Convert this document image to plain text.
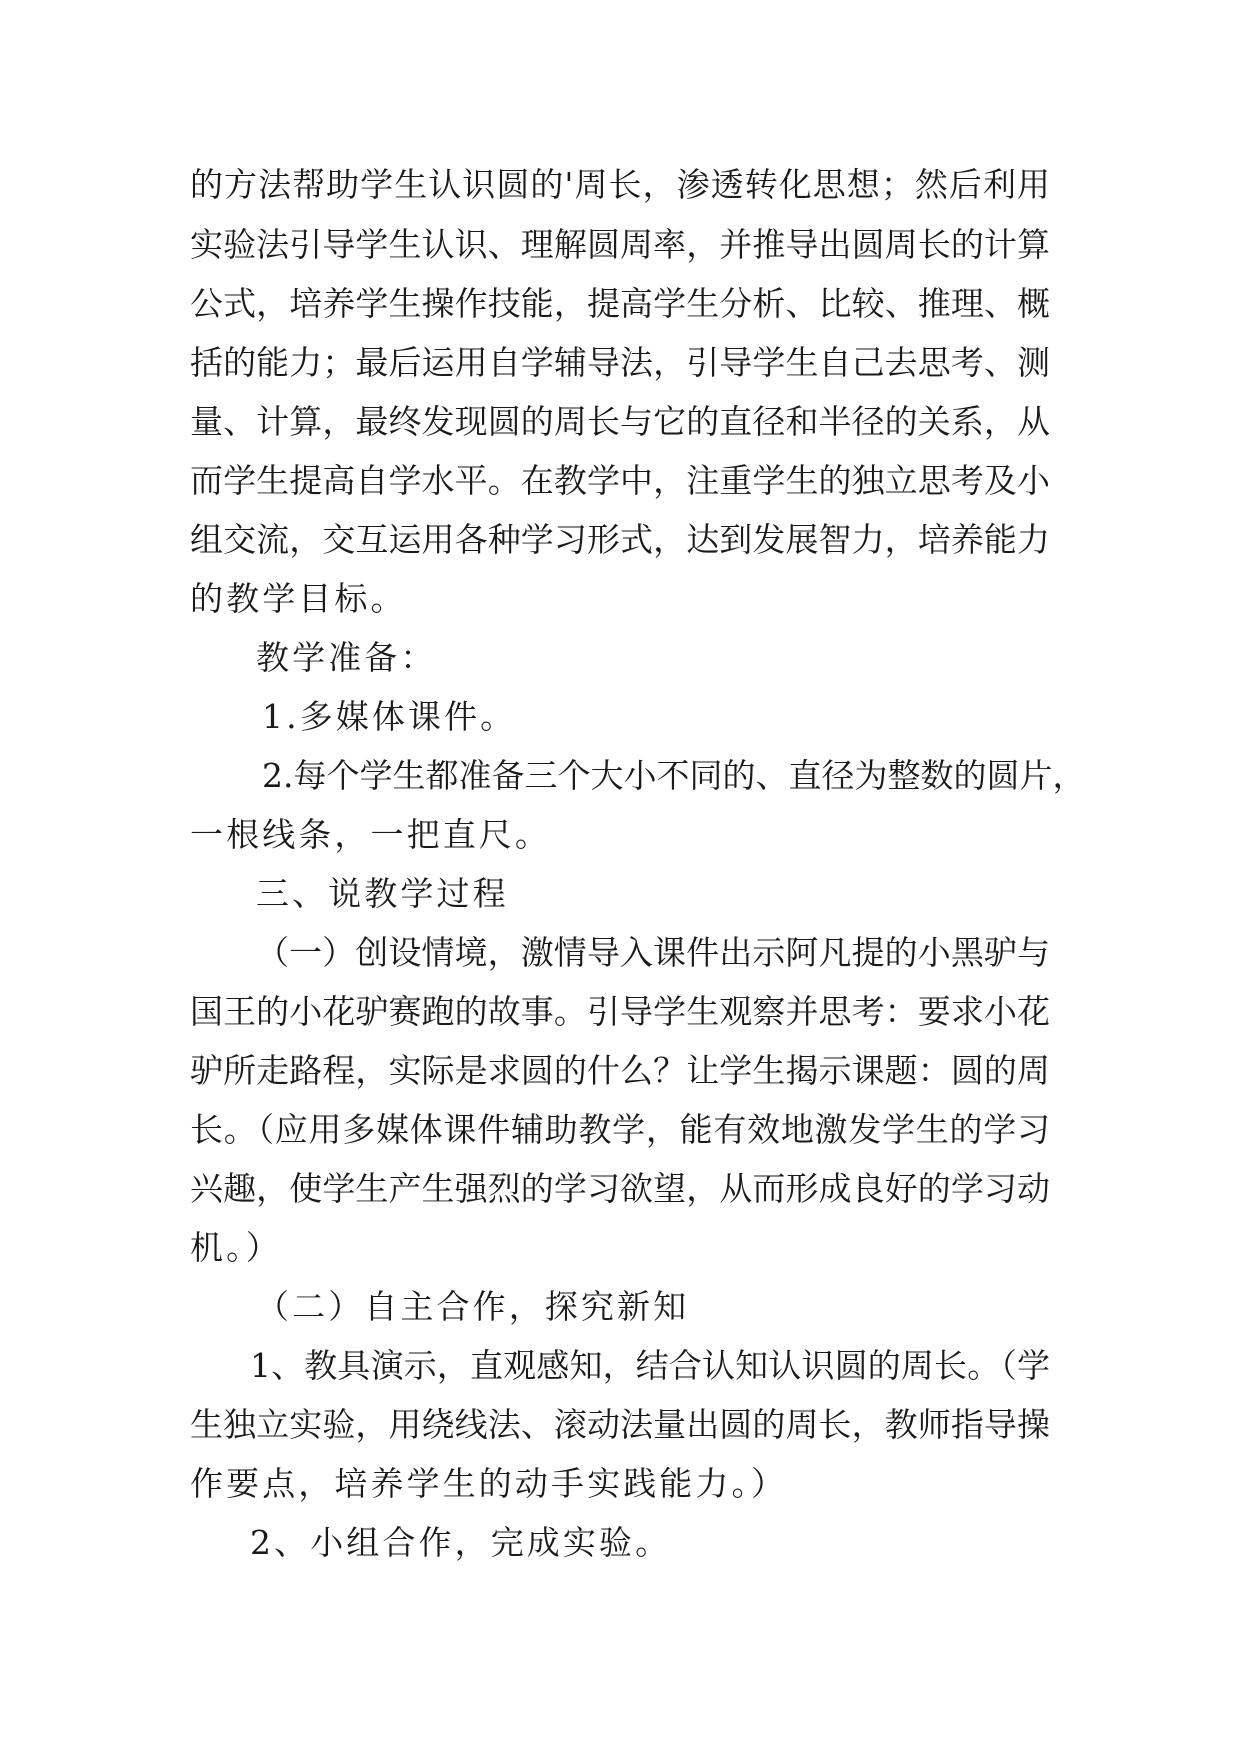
的方法帮助学生认识圆的'周长，渗透转化思想；然后利用
实验法引导学生认识、理解圆周率，并推导出圆周长的计算
公式，培养学生操作技能，提高学生分析、比较、推理、概
括的能力；最后运用自学辅导法，引导学生自己去思考、测
量、计算，最终发现圆的周长与它的直径和半径的关系，从
而学生提高自学水平。在教学中，注重学生的独立思考及小
组交流，交互运用各种学习形式，达到发展智力，培养能力
的教学目标。
教学准备：
1.多媒体课件。
2.每个学生都准备三个大小不同的、直径为整数的圆片，
一根线条，一把直尺。
三、说教学过程
（一）创设情境，激情导入课件出示阿凡提的小黑驴与
国王的小花驴赛跑的故事。引导学生观察并思考：要求小花
驴所走路程，实际是求圆的什么？让学生揭示课题：圆的周
长。（应用多媒体课件辅助教学，能有效地激发学生的学习
兴趣，使学生产生强烈的学习欲望，从而形成良好的学习动
机。）
（二）自主合作，探究新知
1、教具演示，直观感知，结合认知认识圆的周长。（学
生独立实验，用绕线法、滚动法量出圆的周长，教师指导操
作要点，培养学生的动手实践能力。）
2、小组合作，完成实验。
